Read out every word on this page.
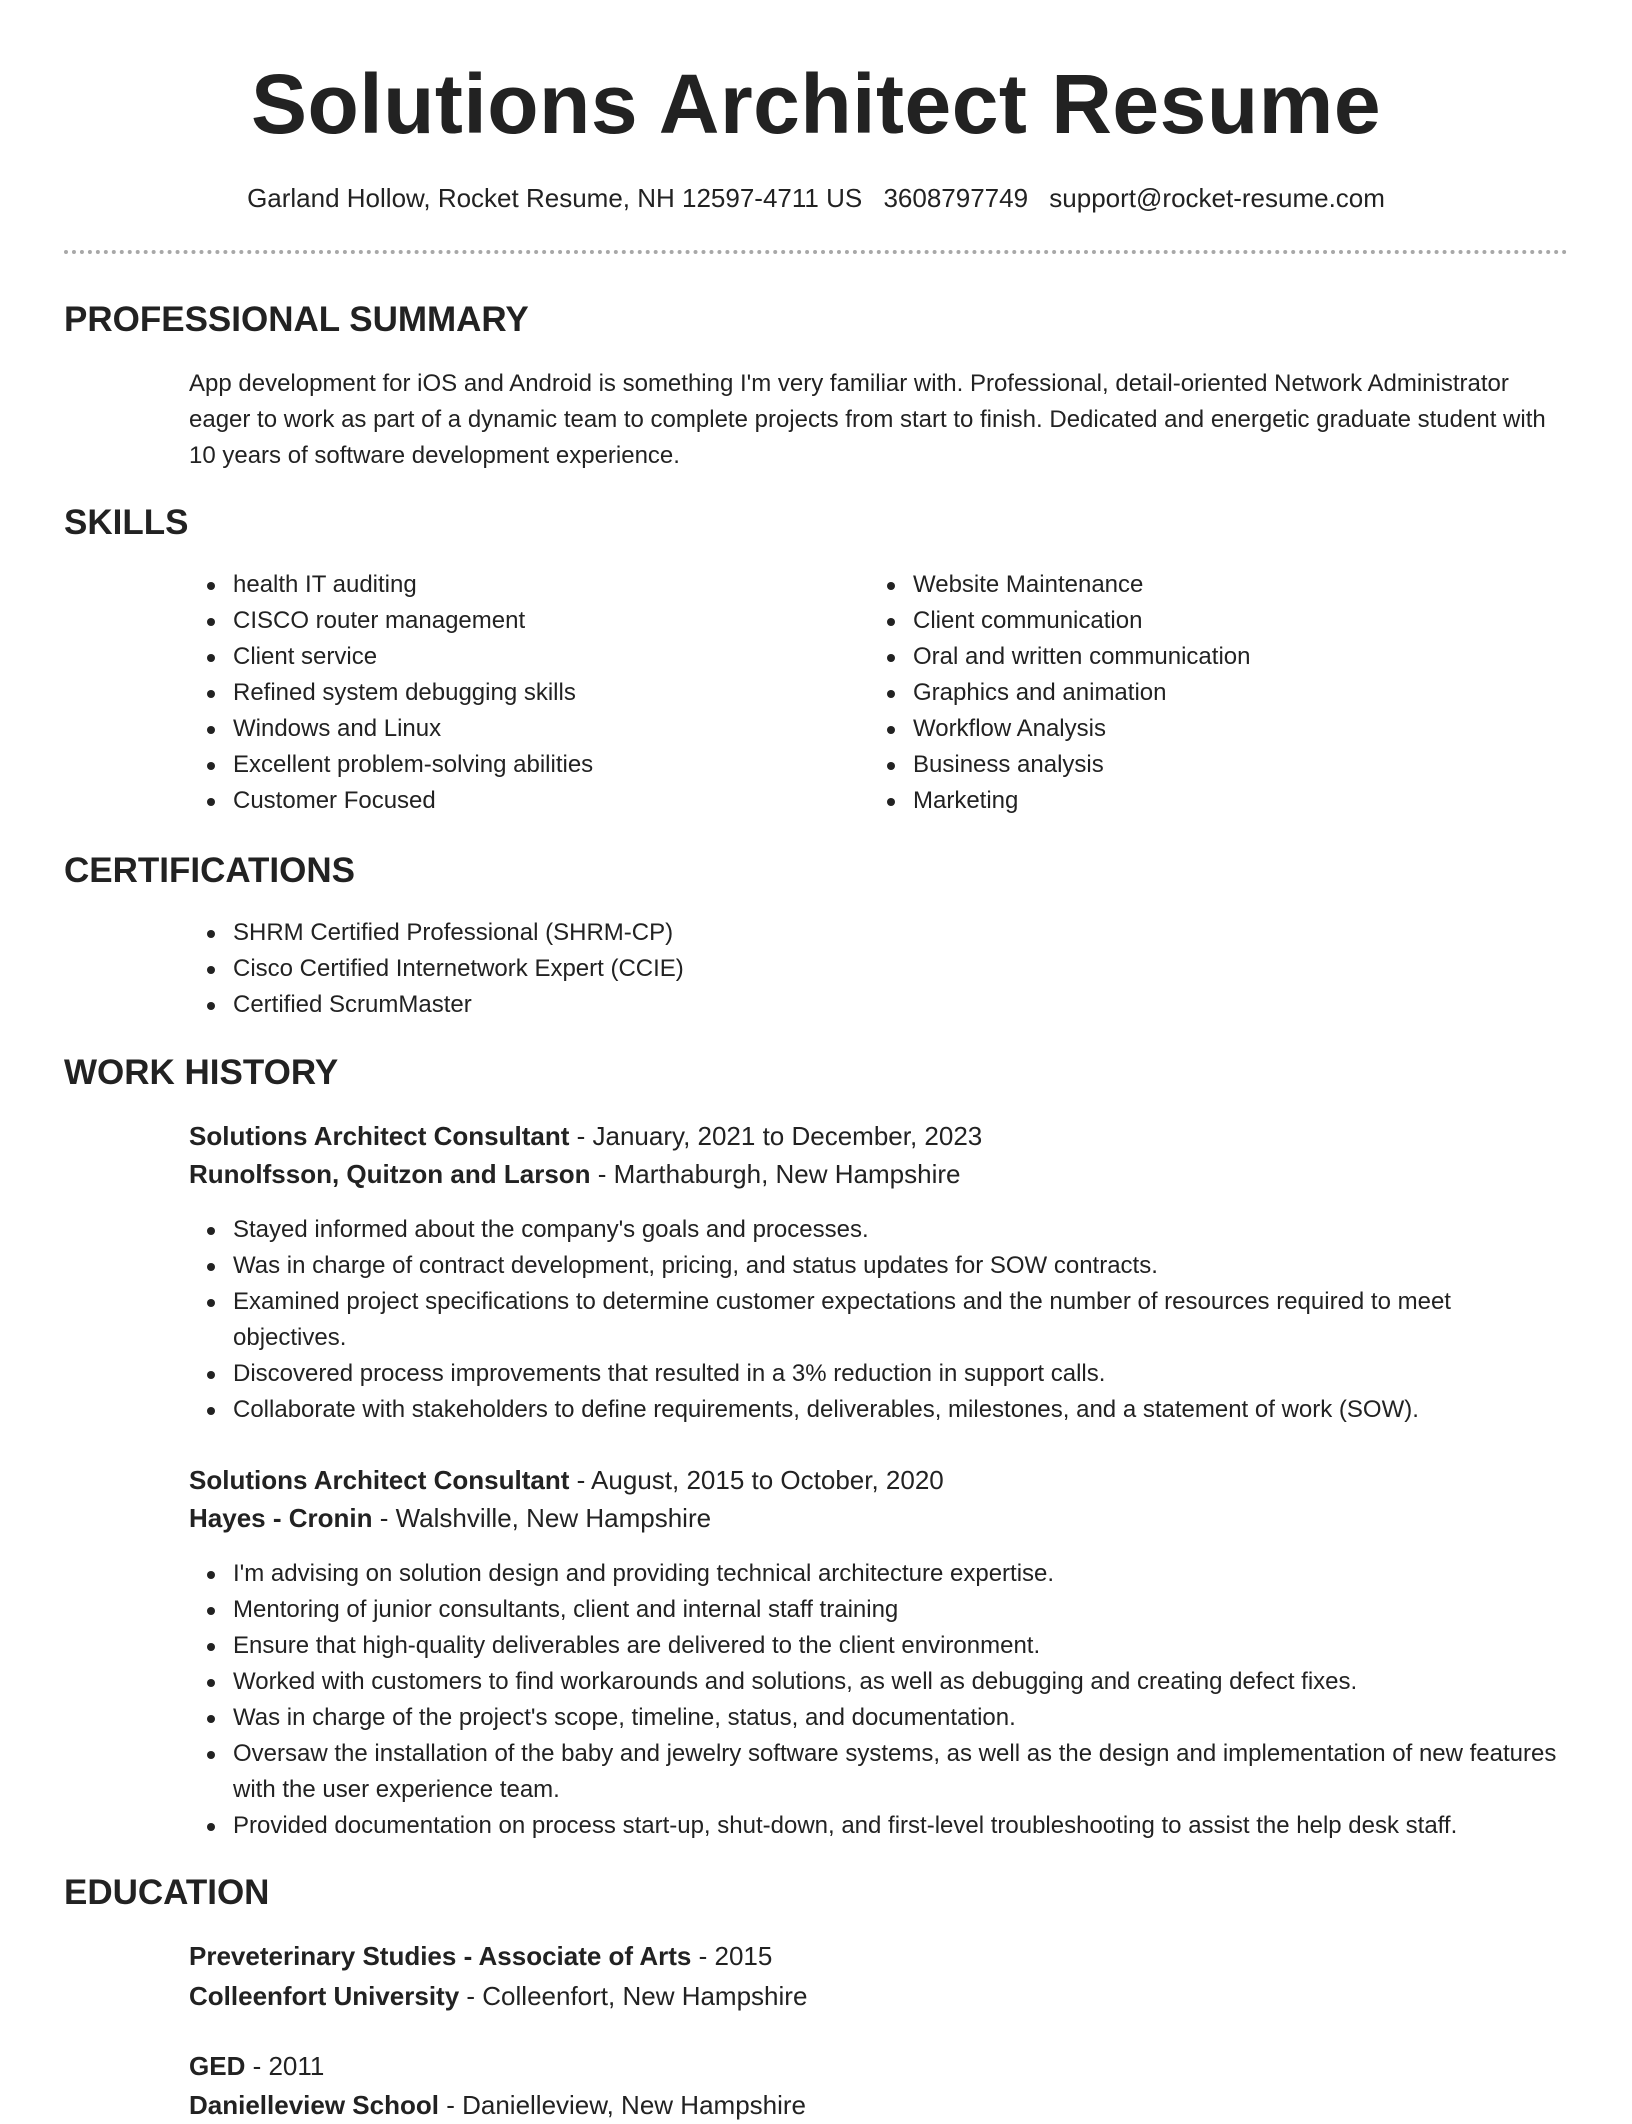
Solutions Architect Resume
Garland Hollow, Rocket Resume, NH 12597-4711 US 3608797749 support@rocket-resume.com
PROFESSIONAL SUMMARY

App development for iOS and Android is something I'm very familiar with. Professional, detail-oriented Network Administrator eager to work as part of a dynamic team to complete projects from start to finish. Dedicated and energetic graduate student with 10 years of software development experience.

SKILLS
health IT auditing
CISCO router management
Client service
Refined system debugging skills
Windows and Linux
Excellent problem-solving abilities
Customer Focused
Website Maintenance
Client communication
Oral and written communication
Graphics and animation
Workflow Analysis
Business analysis
Marketing
CERTIFICATIONS
SHRM Certified Professional (SHRM-CP)
Cisco Certified Internetwork Expert (CCIE)
Certified ScrumMaster
WORK HISTORY
Solutions Architect Consultant - January, 2021 to December, 2023
Runolfsson, Quitzon and Larson - Marthaburgh, New Hampshire
Stayed informed about the company's goals and processes.
Was in charge of contract development, pricing, and status updates for SOW contracts.
Examined project specifications to determine customer expectations and the number of resources required to meet objectives.
Discovered process improvements that resulted in a 3% reduction in support calls.
Collaborate with stakeholders to define requirements, deliverables, milestones, and a statement of work (SOW).
Solutions Architect Consultant - August, 2015 to October, 2020
Hayes - Cronin - Walshville, New Hampshire
I'm advising on solution design and providing technical architecture expertise.
Mentoring of junior consultants, client and internal staff training
Ensure that high-quality deliverables are delivered to the client environment.
Worked with customers to find workarounds and solutions, as well as debugging and creating defect fixes.
Was in charge of the project's scope, timeline, status, and documentation.
Oversaw the installation of the baby and jewelry software systems, as well as the design and implementation of new features with the user experience team.
Provided documentation on process start-up, shut-down, and first-level troubleshooting to assist the help desk staff.
EDUCATION
Preveterinary Studies - Associate of Arts - 2015
Colleenfort University - Colleenfort, New Hampshire
GED - 2011
Danielleview School - Danielleview, New Hampshire
